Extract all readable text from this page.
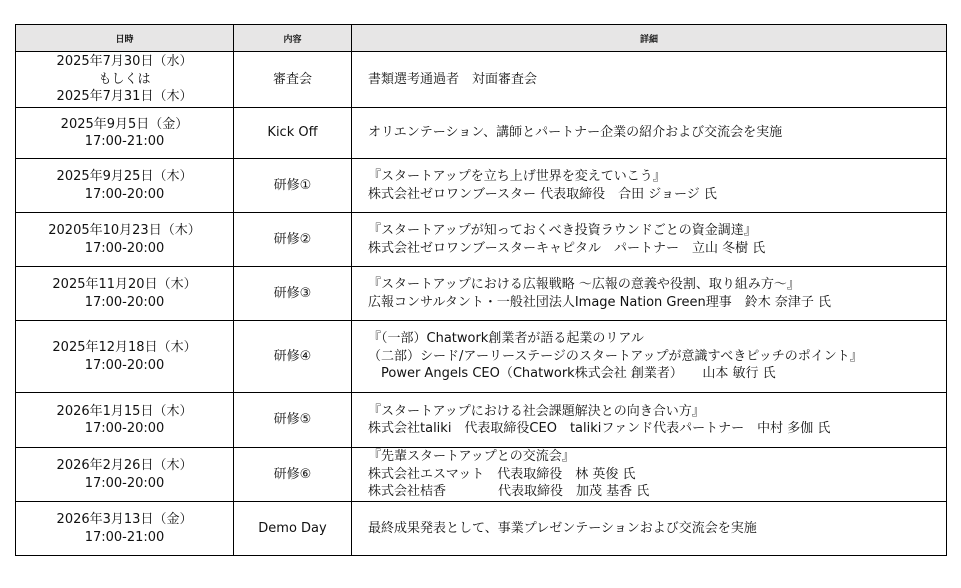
日時	内容	詳細

2025年7月30日（水）
もしくは
2025年7月31日（木）	審査会	書類選考通過者　対面審査会

2025年9月5日（金）
17:00-21:00	Kick Off	オリエンテーション、講師とパートナー企業の紹介および交流会を実施

2025年9月25日（木）
17:00-20:00	研修①	『スタートアップを立ち上げ世界を変えていこう』
株式会社ゼロワンブースター 代表取締役　合田 ジョージ 氏

20205年10月23日（木）
17:00-20:00	研修②	『スタートアップが知っておくべき投資ラウンドごとの資金調達』
株式会社ゼロワンブースターキャピタル　パートナー　立山 冬樹 氏

2025年11月20日（木）
17:00-20:00	研修③	『スタートアップにおける広報戦略 〜広報の意義や役割、取り組み方〜』
広報コンサルタント・一般社団法人Image Nation Green理事　鈴木 奈津子 氏

2025年12月18日（木）
17:00-20:00	研修④	『（一部）Chatwork創業者が語る起業のリアル
（二部）シード/アーリーステージのスタートアップが意識すべきピッチのポイント』
　Power Angels CEO（Chatwork株式会社 創業者）　　山本 敏行 氏

2026年1月15日（木）
17:00-20:00	研修⑤	『スタートアップにおける社会課題解決との向き合い方』
株式会社taliki　代表取締役CEO　talikiファンド代表パートナー　中村 多伽 氏

2026年2月26日（木）
17:00-20:00	研修⑥	『先輩スタートアップとの交流会』
株式会社エスマット　代表取締役　林 英俊 氏
株式会社桔香　　　　代表取締役　加茂 基香 氏

2026年3月13日（金）
17:00-21:00	Demo Day	最終成果発表として、事業プレゼンテーションおよび交流会を実施
